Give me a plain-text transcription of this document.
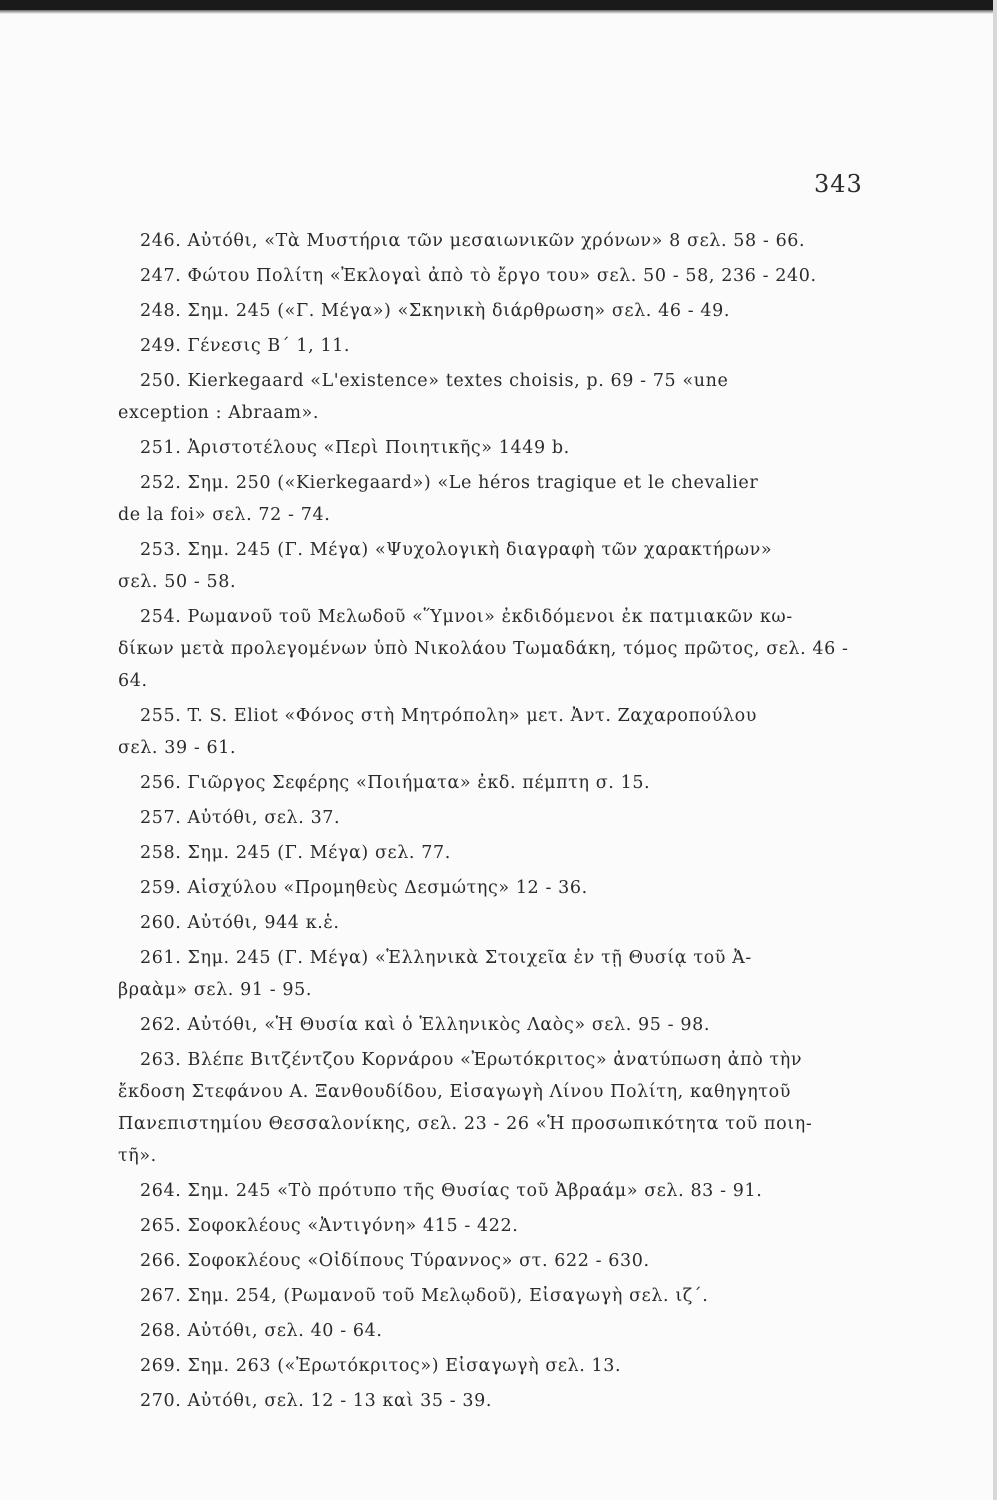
343
246. Αὐτόθι, «Τὰ Μυστήρια τῶν μεσαιωνικῶν χρόνων» 8 σελ. 58 - 66.
247. Φώτου Πολίτη «Ἐκλογαὶ ἀπὸ τὸ ἔργο του» σελ. 50 - 58, 236 - 240.
248. Σημ. 245 («Γ. Μέγα») «Σκηνικὴ διάρθρωση» σελ. 46 - 49.
249. Γένεσις Β΄ 1, 11.
250. Kierkegaard «L'existence» textes choisis, p. 69 - 75 «une
exception : Abraam».
251. Ἀριστοτέλους «Περὶ Ποιητικῆς» 1449 b.
252. Σημ. 250 («Kierkegaard») «Le héros tragique et le chevalier
de la foi» σελ. 72 - 74.
253. Σημ. 245 (Γ. Μέγα) «Ψυχολογικὴ διαγραφὴ τῶν χαρακτήρων»
σελ. 50 - 58.
254. Ρωμανοῦ τοῦ Μελωδοῦ «Ὕμνοι» ἐκδιδόμενοι ἐκ πατμιακῶν κω-
δίκων μετὰ προλεγομένων ὑπὸ Νικολάου Τωμαδάκη, τόμος πρῶτος, σελ. 46 -
64.
255. T. S. Eliot «Φόνος στὴ Μητρόπολη» μετ. Ἀντ. Ζαχαροπούλου
σελ. 39 - 61.
256. Γιῶργος Σεφέρης «Ποιήματα» ἐκδ. πέμπτη σ. 15.
257. Αὐτόθι, σελ. 37.
258. Σημ. 245 (Γ. Μέγα) σελ. 77.
259. Αἰσχύλου «Προμηθεὺς Δεσμώτης» 12 - 36.
260. Αὐτόθι, 944 κ.ἑ.
261. Σημ. 245 (Γ. Μέγα) «Ἑλληνικὰ Στοιχεῖα ἐν τῇ Θυσίᾳ τοῦ Ἀ-
βραὰμ» σελ. 91 - 95.
262. Αὐτόθι, «Ἡ Θυσία καὶ ὁ Ἑλληνικὸς Λαὸς» σελ. 95 - 98.
263. Βλέπε Βιτζέντζου Κορνάρου «Ἐρωτόκριτος» ἀνατύπωση ἀπὸ τὴν
ἔκδοση Στεφάνου Α. Ξανθουδίδου, Εἰσαγωγὴ Λίνου Πολίτη, καθηγητοῦ
Πανεπιστημίου Θεσσαλονίκης, σελ. 23 - 26 «Ἡ προσωπικότητα τοῦ ποιη-
τῆ».
264. Σημ. 245 «Τὸ πρότυπο τῆς Θυσίας τοῦ Ἀβραάμ» σελ. 83 - 91.
265. Σοφοκλέους «Ἀντιγόνη» 415 - 422.
266. Σοφοκλέους «Οἰδίπους Τύραννος» στ. 622 - 630.
267. Σημ. 254, (Ρωμανοῦ τοῦ Μελῳδοῦ), Εἰσαγωγὴ σελ. ιζ΄.
268. Αὐτόθι, σελ. 40 - 64.
269. Σημ. 263 («Ἐρωτόκριτος») Εἰσαγωγὴ σελ. 13.
270. Αὐτόθι, σελ. 12 - 13 καὶ 35 - 39.
